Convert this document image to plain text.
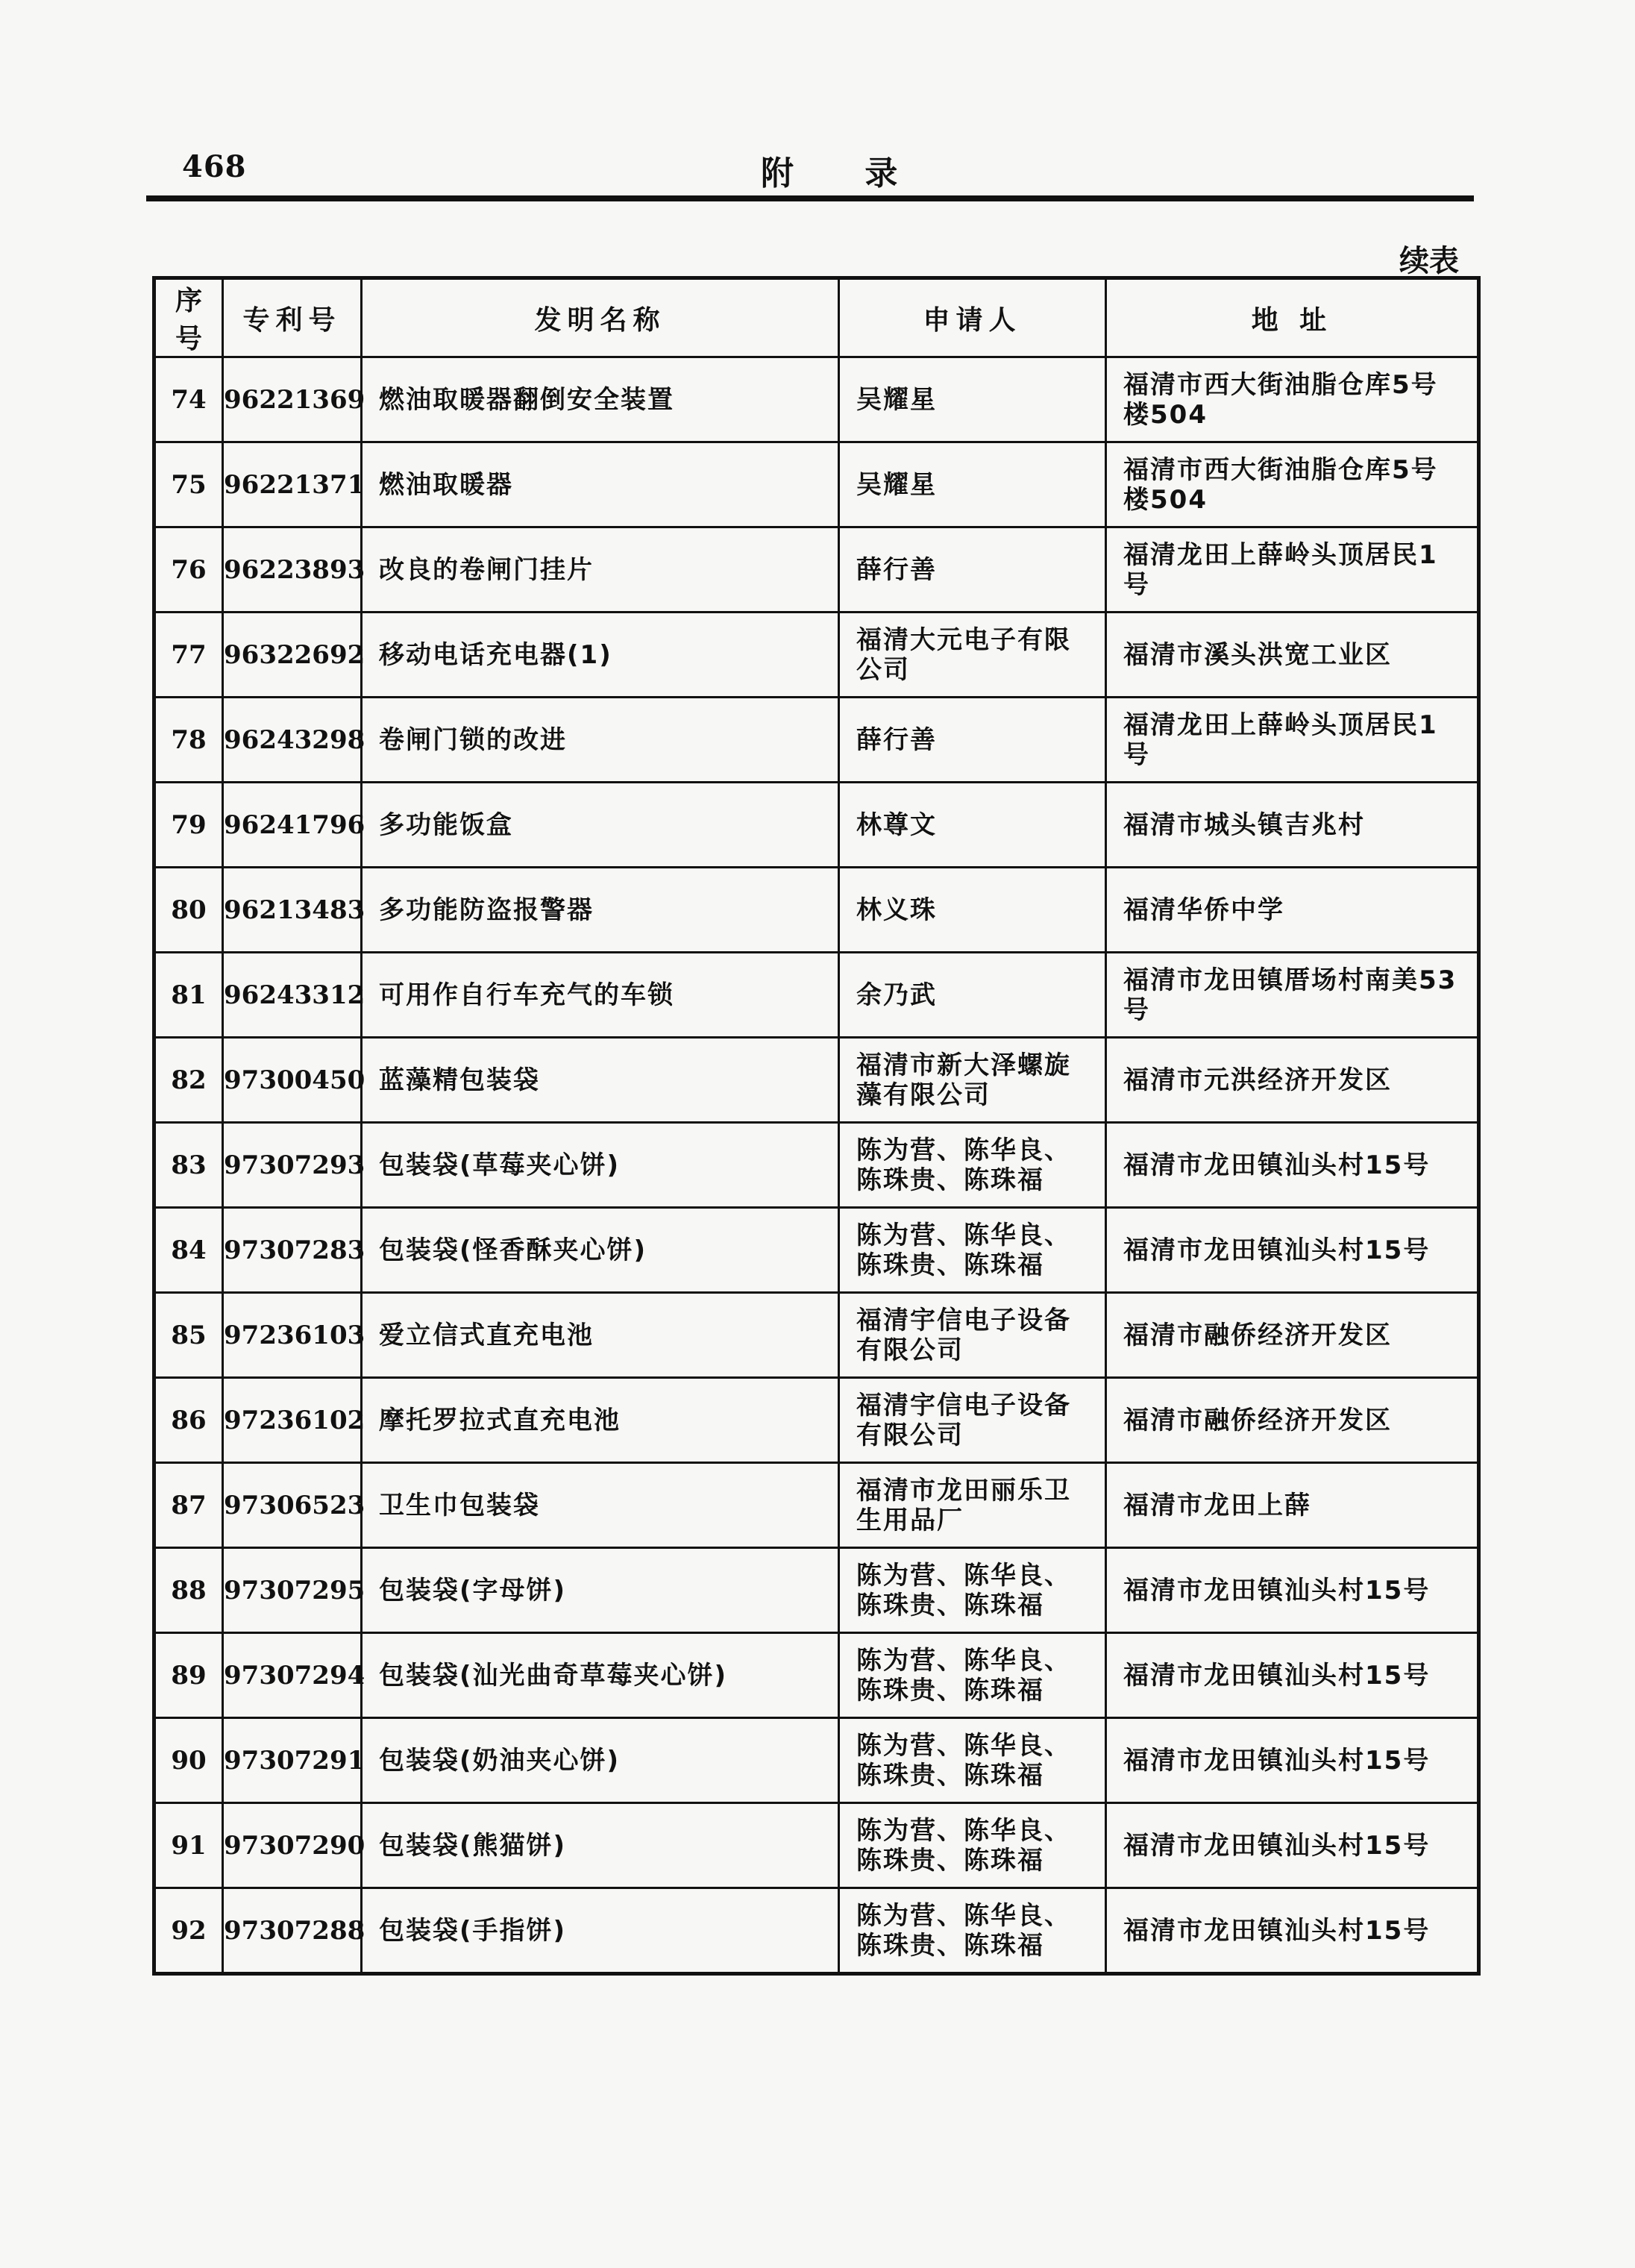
468	附 录
续表
序号	专利号	发明名称	申请人	地 址
74	96221369	燃油取暖器翻倒安全装置	吴耀星	福清市西大街油脂仓库5号楼504
75	96221371	燃油取暖器	吴耀星	福清市西大街油脂仓库5号楼504
76	96223893	改良的卷闸门挂片	薛行善	福清龙田上薛岭头顶居民1号
77	96322692	移动电话充电器(1)	福清大元电子有限公司	福清市溪头洪宽工业区
78	96243298	卷闸门锁的改进	薛行善	福清龙田上薛岭头顶居民1号
79	96241796	多功能饭盒	林尊文	福清市城头镇吉兆村
80	96213483	多功能防盗报警器	林义珠	福清华侨中学
81	96243312	可用作自行车充气的车锁	余乃武	福清市龙田镇厝场村南美53号
82	97300450	蓝藻精包装袋	福清市新大泽螺旋藻有限公司	福清市元洪经济开发区
83	97307293	包装袋(草莓夹心饼)	陈为营、陈华良、陈珠贵、陈珠福	福清市龙田镇汕头村15号
84	97307283	包装袋(怪香酥夹心饼)	陈为营、陈华良、陈珠贵、陈珠福	福清市龙田镇汕头村15号
85	97236103	爱立信式直充电池	福清宇信电子设备有限公司	福清市融侨经济开发区
86	97236102	摩托罗拉式直充电池	福清宇信电子设备有限公司	福清市融侨经济开发区
87	97306523	卫生巾包装袋	福清市龙田丽乐卫生用品厂	福清市龙田上薛
88	97307295	包装袋(字母饼)	陈为营、陈华良、陈珠贵、陈珠福	福清市龙田镇汕头村15号
89	97307294	包装袋(汕光曲奇草莓夹心饼)	陈为营、陈华良、陈珠贵、陈珠福	福清市龙田镇汕头村15号
90	97307291	包装袋(奶油夹心饼)	陈为营、陈华良、陈珠贵、陈珠福	福清市龙田镇汕头村15号
91	97307290	包装袋(熊猫饼)	陈为营、陈华良、陈珠贵、陈珠福	福清市龙田镇汕头村15号
92	97307288	包装袋(手指饼)	陈为营、陈华良、陈珠贵、陈珠福	福清市龙田镇汕头村15号
